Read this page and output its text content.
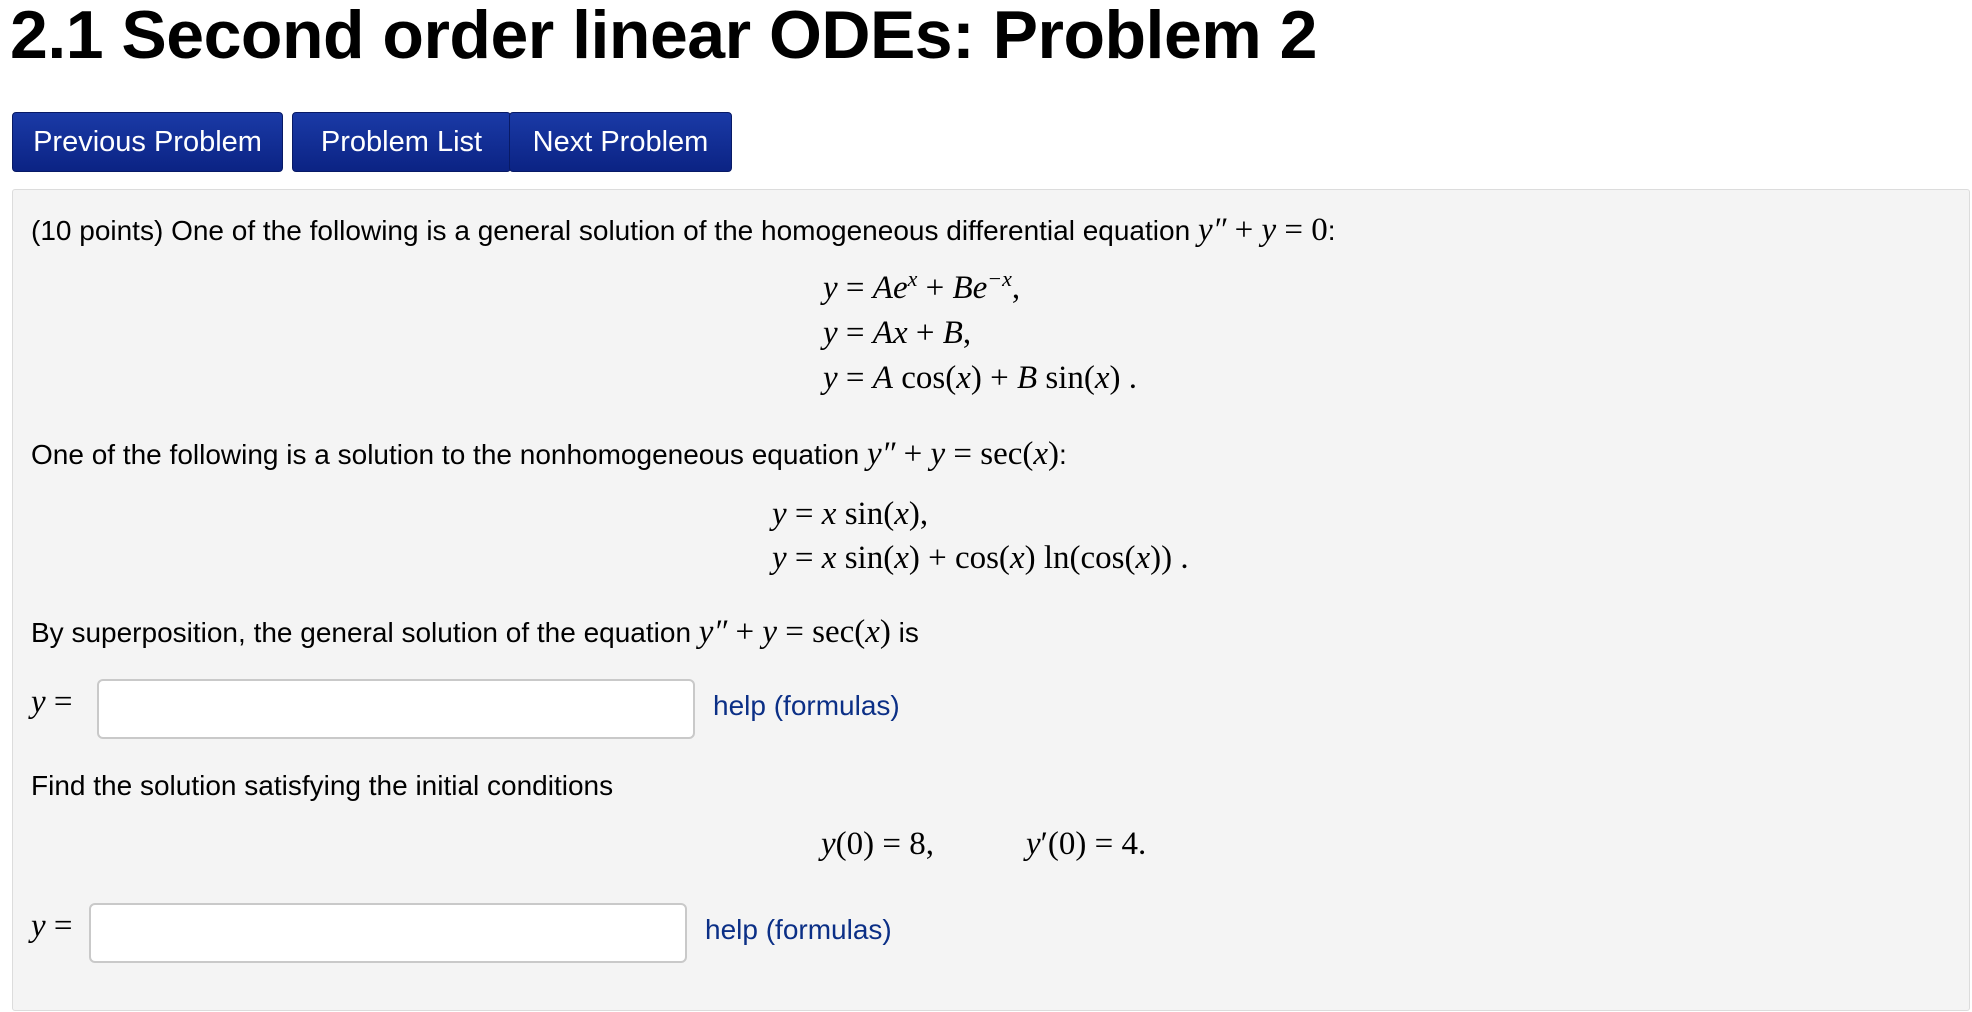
2.1 Second order linear ODEs: Problem 2
Previous Problem	Problem List	Next Problem
(10 points) One of the following is a general solution of the homogeneous differential equation y″ + y = 0:
$y = Ae^x + Be^{-x}$,
y = Ax + B,
y = A cos(x) + B sin(x) .
One of the following is a solution to the nonhomogeneous equation y″ + y = sec(x):
y = x sin(x),
y = x sin(x) + cos(x) ln(cos(x)) .
By superposition, the general solution of the equation y″ + y = sec(x) is
y =	help (formulas)
Find the solution satisfying the initial conditions
y(0) = 8,	y′(0) = 4.
y =	help (formulas)
